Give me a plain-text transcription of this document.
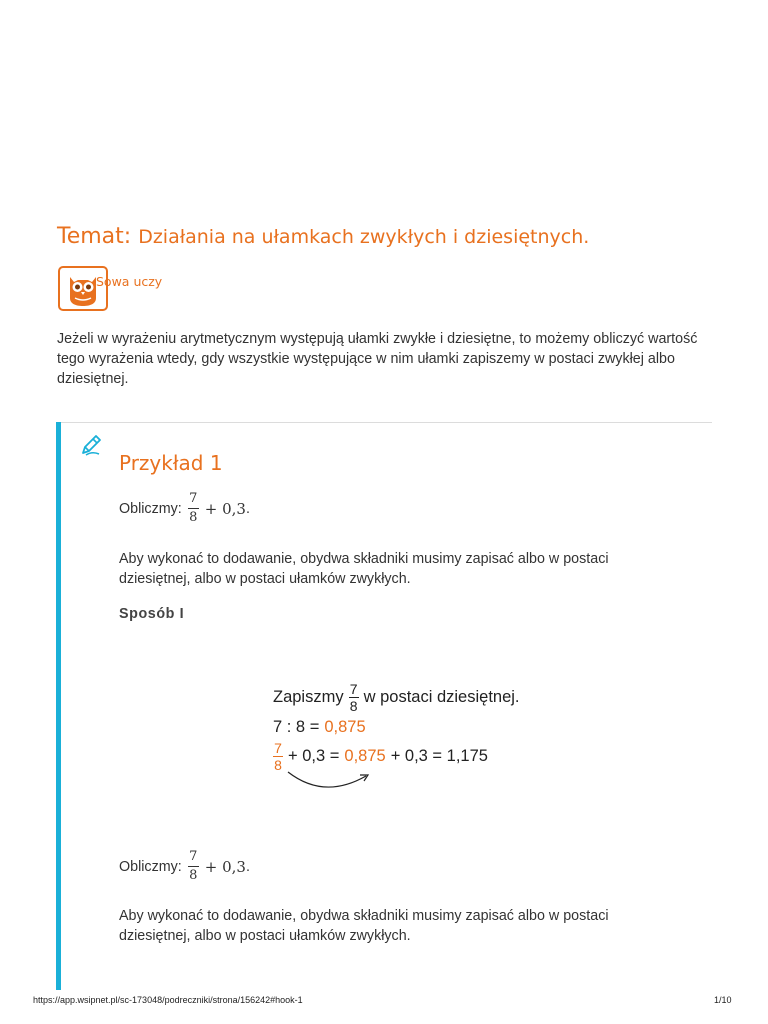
Temat: Działania na ułamkach zwykłych i dziesiętnych.
Sowa uczy
Jeżeli w wyrażeniu arytmetycznym występują ułamki zwykłe i dziesiętne, to możemy obliczyć wartość tego wyrażenia wtedy, gdy wszystkie występujące w nim ułamki zapiszemy w postaci zwykłej albo dziesiętnej.
Przykład 1
Obliczmy: $\frac{7}{8} + 0,3$ .
Aby wykonać to dodawanie, obydwa składniki musimy zapisać albo w postaci dziesiętnej, albo w postaci ułamków zwykłych.
Sposób I
Zapiszmy 7
8 w postaci dziesiętnej.
7 : 8 = 0,875
7
8 + 0,3 = 0,875 + 0,3 = 1,175
Obliczmy: $\frac{7}{8} + 0,3$ .
Aby wykonać to dodawanie, obydwa składniki musimy zapisać albo w postaci dziesiętnej, albo w postaci ułamków zwykłych.
https://app.wsipnet.pl/sc-173048/podreczniki/strona/156242#hook-1	1/10
